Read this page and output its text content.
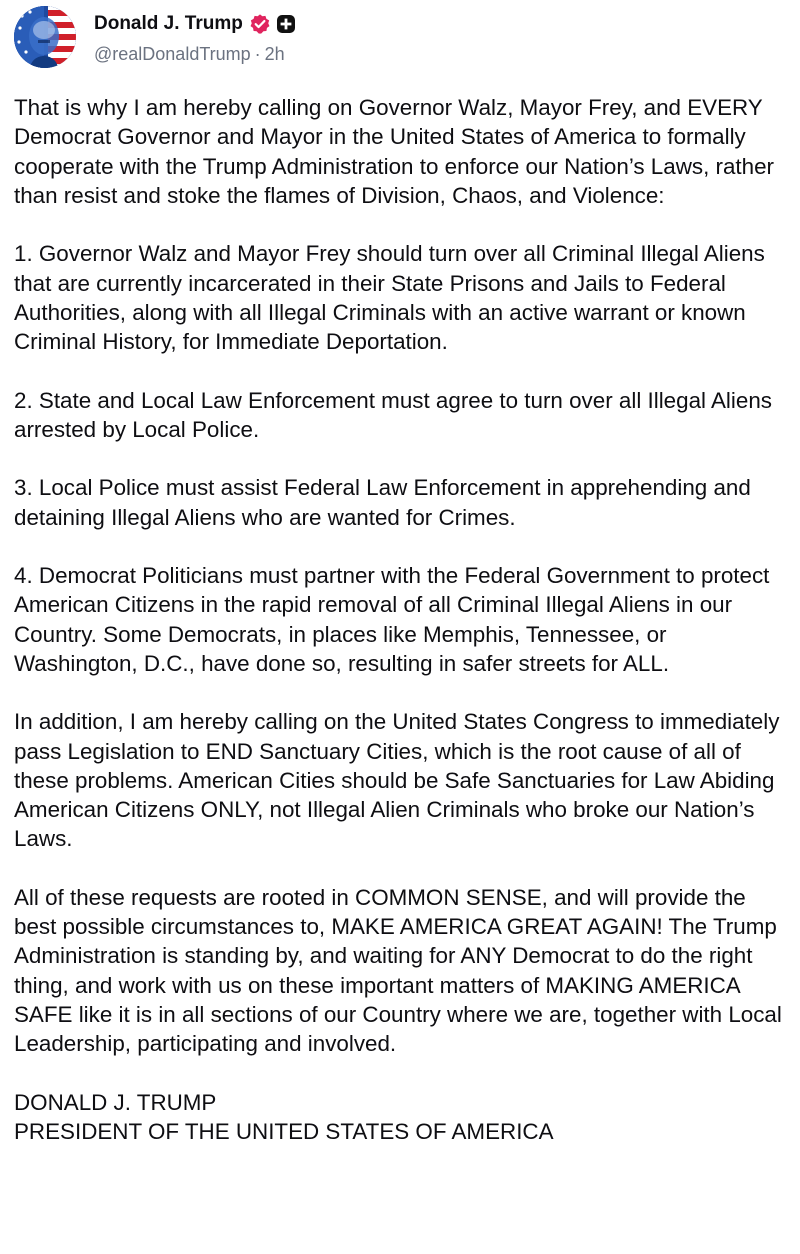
Donald J. Trump
@realDonaldTrump · 2h

That is why I am hereby calling on Governor Walz, Mayor Frey, and EVERY Democrat Governor and Mayor in the United States of America to formally cooperate with the Trump Administration to enforce our Nation’s Laws, rather than resist and stoke the flames of Division, Chaos, and Violence:

1. Governor Walz and Mayor Frey should turn over all Criminal Illegal Aliens that are currently incarcerated in their State Prisons and Jails to Federal Authorities, along with all Illegal Criminals with an active warrant or known Criminal History, for Immediate Deportation.

2. State and Local Law Enforcement must agree to turn over all Illegal Aliens arrested by Local Police.

3. Local Police must assist Federal Law Enforcement in apprehending and detaining Illegal Aliens who are wanted for Crimes.

4. Democrat Politicians must partner with the Federal Government to protect American Citizens in the rapid removal of all Criminal Illegal Aliens in our Country. Some Democrats, in places like Memphis, Tennessee, or Washington, D.C., have done so, resulting in safer streets for ALL.

In addition, I am hereby calling on the United States Congress to immediately pass Legislation to END Sanctuary Cities, which is the root cause of all of these problems. American Cities should be Safe Sanctuaries for Law Abiding American Citizens ONLY, not Illegal Alien Criminals who broke our Nation’s Laws.

All of these requests are rooted in COMMON SENSE, and will provide the best possible circumstances to, MAKE AMERICA GREAT AGAIN! The Trump Administration is standing by, and waiting for ANY Democrat to do the right thing, and work with us on these important matters of MAKING AMERICA SAFE like it is in all sections of our Country where we are, together with Local Leadership, participating and involved.

DONALD J. TRUMP
PRESIDENT OF THE UNITED STATES OF AMERICA
